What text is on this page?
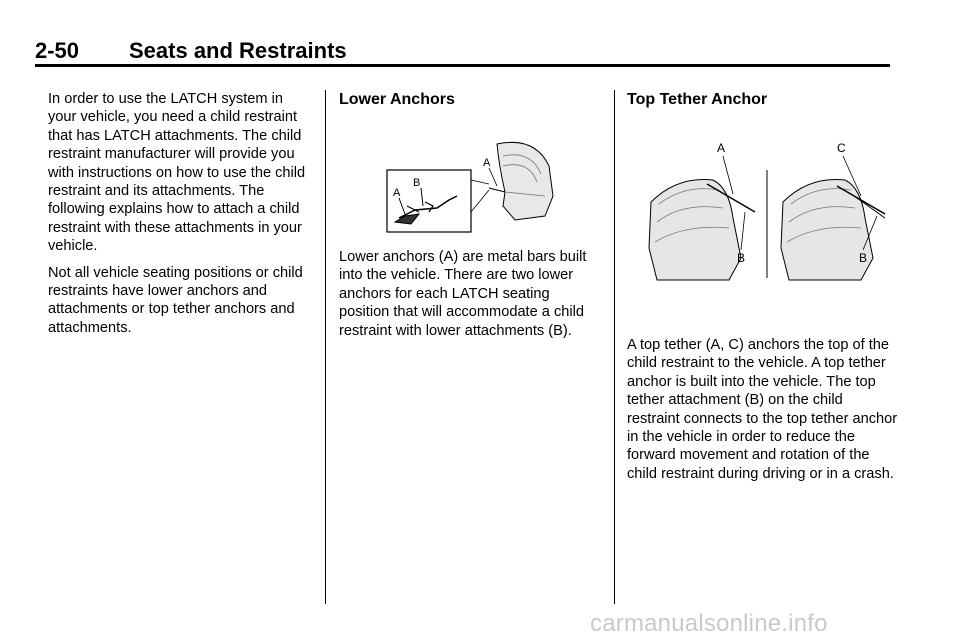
2-50 Seats and Restraints

In order to use the LATCH system in your vehicle, you need a child restraint that has LATCH attachments. The child restraint manufacturer will provide you with instructions on how to use the child restraint and its attachments. The following explains how to attach a child restraint with these attachments in your vehicle.

Not all vehicle seating positions or child restraints have lower anchors and attachments or top tether anchors and attachments.

Lower Anchors
A
B
A

Lower anchors (A) are metal bars built into the vehicle. There are two lower anchors for each LATCH seating position that will accommodate a child restraint with lower attachments (B).

Top Tether Anchor
A
B
C
B

A top tether (A, C) anchors the top of the child restraint to the vehicle. A top tether anchor is built into the vehicle. The top tether attachment (B) on the child restraint connects to the top tether anchor in the vehicle in order to reduce the forward movement and rotation of the child restraint during driving or in a crash.

carmanualsonline.info
